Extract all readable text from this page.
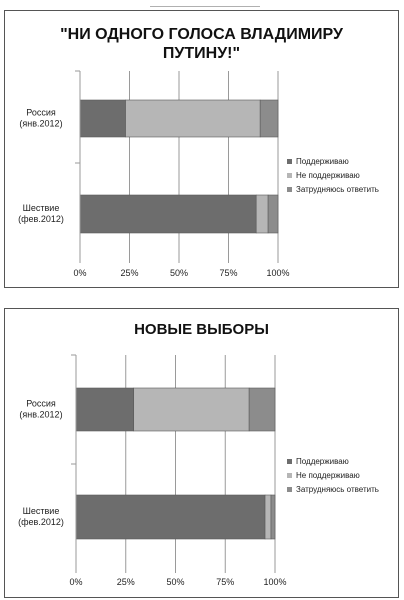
"НИ ОДНОГО ГОЛОСА ВЛАДИМИРУ ПУТИНУ!"
Россия (янв.2012)
Шествие (фев.2012)
0%	25%	50%	75%	100%
Поддерживаю
Не поддерживаю
Затрудняюсь ответить
НОВЫЕ ВЫБОРЫ
Россия (янв.2012)
Шествие (фев.2012)
0%	25%	50%	75%	100%
Поддерживаю
Не поддерживаю
Затрудняюсь ответить
